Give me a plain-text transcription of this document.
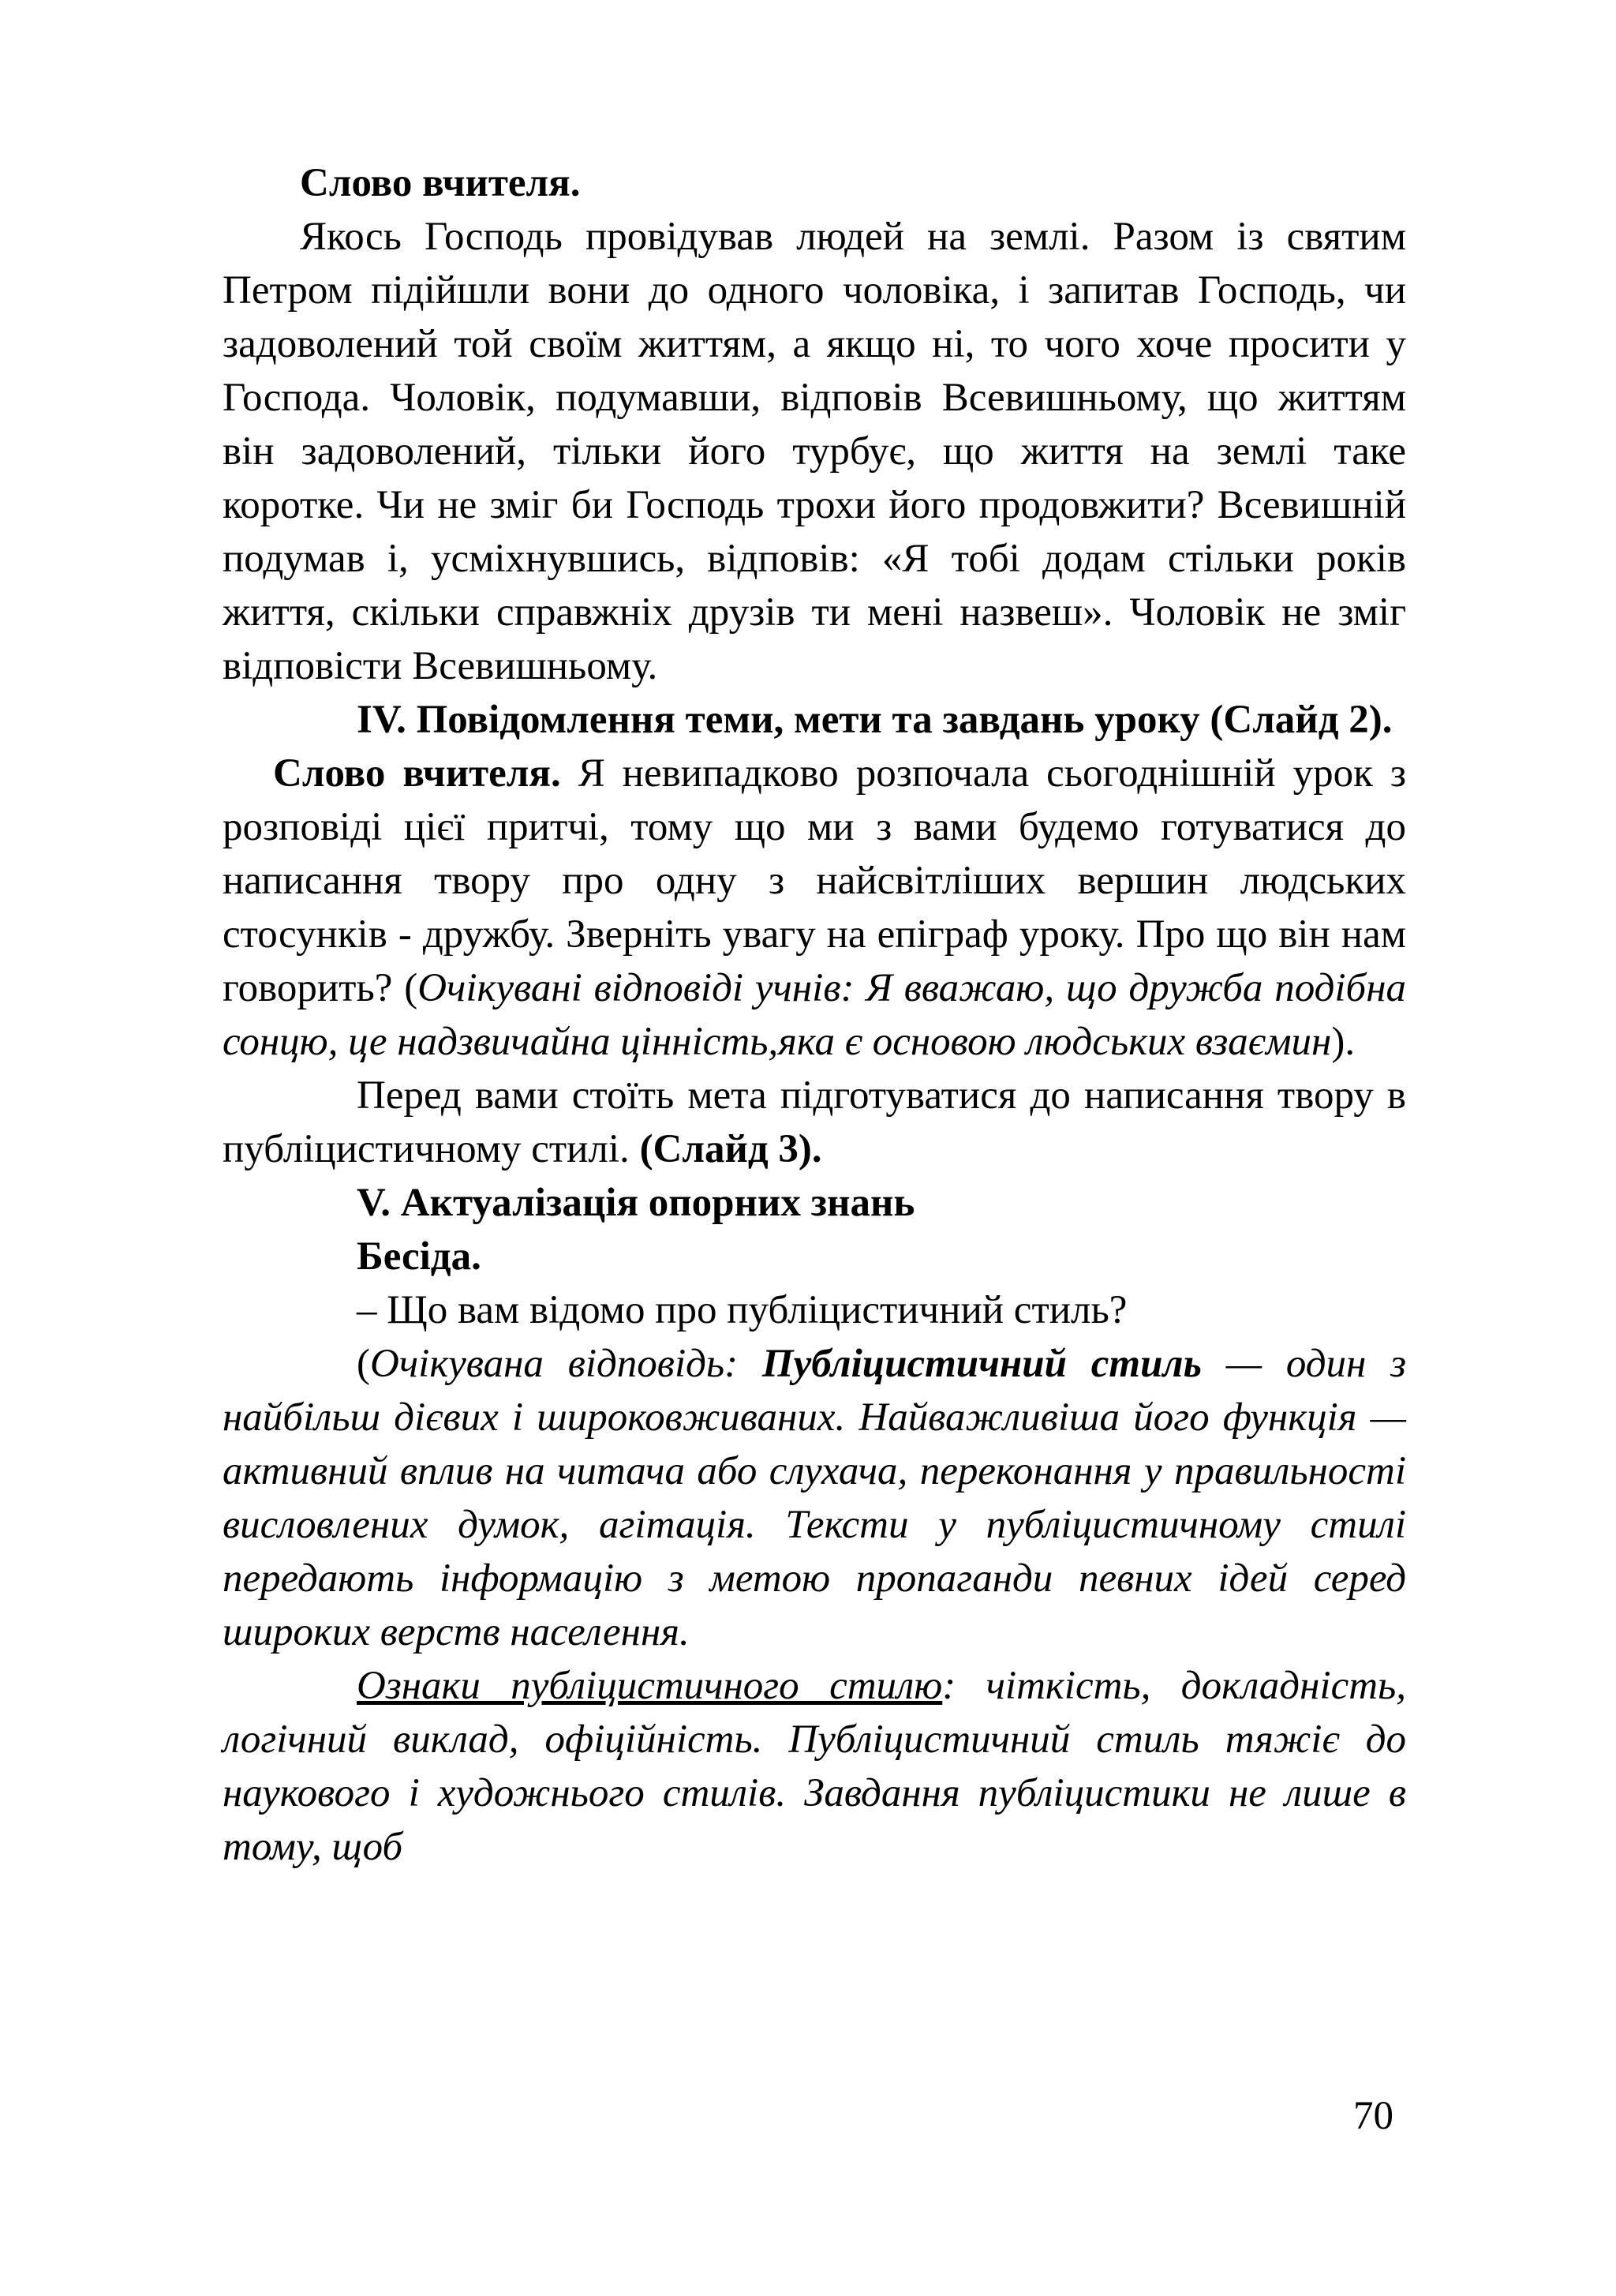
Слово вчителя.

Якось Господь провідував людей на землі. Разом із святим Петром підійшли вони до одного чоловіка, і запитав Господь, чи задоволений той своїм життям, а якщо ні, то чого хоче просити у Господа. Чоловік, подумавши, відповів Всевишньому, що життям він задоволений, тільки його турбує, що життя на землі таке коротке. Чи не зміг би Господь трохи його продовжити? Всевишній подумав і, усміхнувшись, відповів: «Я тобі додам стільки років життя, скільки справжніх друзів ти мені назвеш». Чоловік не зміг відповісти Всевишньому.

IV. Повідомлення теми, мети та завдань уроку (Слайд 2).

Слово вчителя. Я невипадково розпочала сьогоднішній урок з розповіді цієї притчі, тому що ми з вами будемо готуватися до написання твору про одну з найсвітліших вершин людських стосунків - дружбу. Зверніть увагу на епіграф уроку. Про що він нам говорить? (Очікувані відповіді учнів: Я вважаю, що дружба подібна сонцю, це надзвичайна цінність,яка є основою людських взаємин).

Перед вами стоїть мета підготуватися до написання твору в публіцистичному стилі. (Слайд 3).

V. Актуалізація опорних знань

Бесіда.

– Що вам відомо про публіцистичний стиль?

(Очікувана відповідь: Публіцистичний стиль — один з найбільш дієвих і широковживаних. Найважливіша його функція — активний вплив на читача або слухача, переконання у правильності висловлених думок, агітація. Тексти у публіцистичному стилі передають інформацію з метою пропаганди певних ідей серед широких верств населення.

Ознаки публіцистичного стилю: чіткість, докладність, логічний виклад, офіційність. Публіцистичний стиль тяжіє до наукового і художнього стилів. Завдання публіцистики не лише в тому, щоб

70
